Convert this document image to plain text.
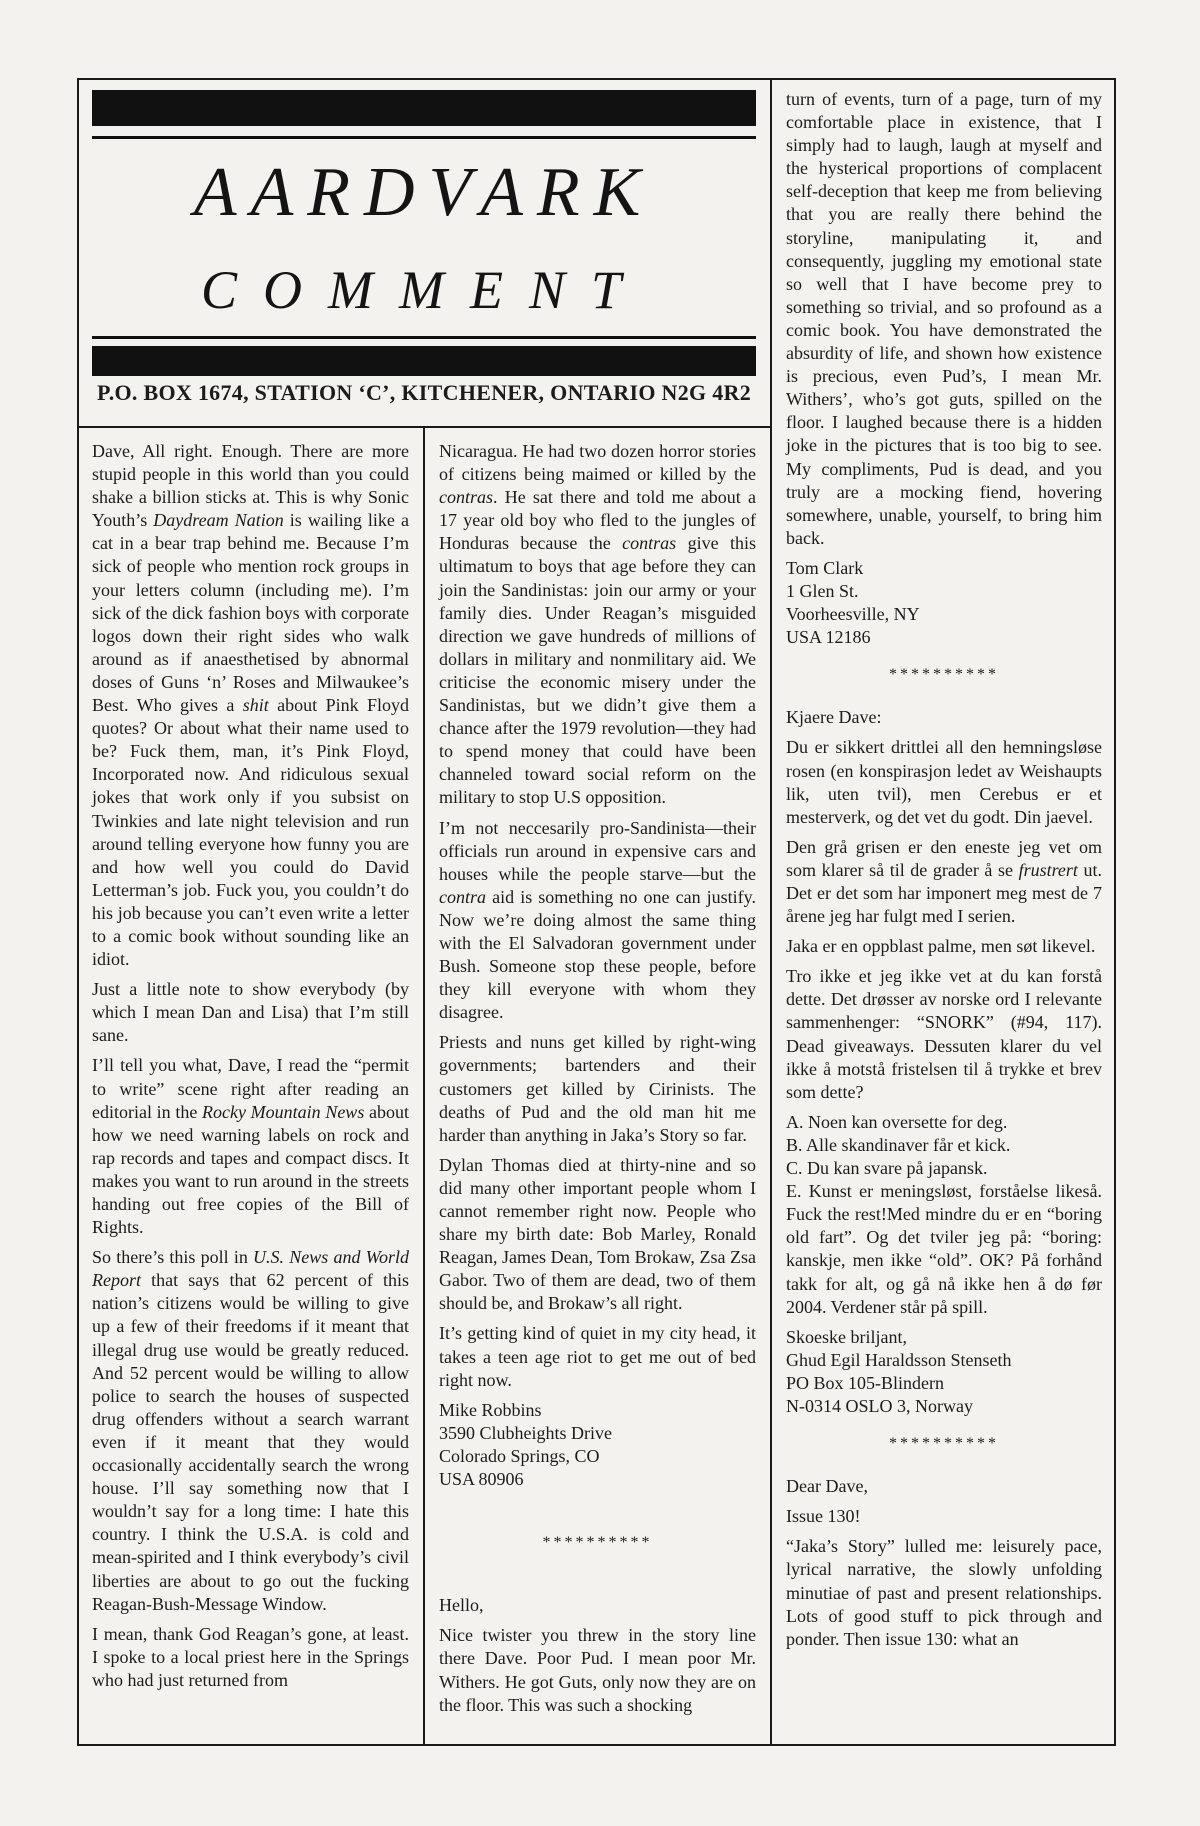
AARDVARK
COMMENT
P.O. BOX 1674, STATION ‘C’, KITCHENER, ONTARIO N2G 4R2

Dave, All right. Enough. There are more stupid people in this world than you could shake a billion sticks at. This is why Sonic Youth’s Daydream Nation is wailing like a cat in a bear trap behind me. Because I’m sick of people who mention rock groups in your letters column (including me). I’m sick of the dick fashion boys with corporate logos down their right sides who walk around as if anaesthetised by abnormal doses of Guns ‘n’ Roses and Milwaukee’s Best. Who gives a shit about Pink Floyd quotes? Or about what their name used to be? Fuck them, man, it’s Pink Floyd, Incorporated now. And ridiculous sexual jokes that work only if you subsist on Twinkies and late night television and run around telling everyone how funny you are and how well you could do David Letterman’s job. Fuck you, you couldn’t do his job because you can’t even write a letter to a comic book without sounding like an idiot.

Just a little note to show everybody (by which I mean Dan and Lisa) that I’m still sane.

I’ll tell you what, Dave, I read the “permit to write” scene right after reading an editorial in the Rocky Mountain News about how we need warning labels on rock and rap records and tapes and compact discs. It makes you want to run around in the streets handing out free copies of the Bill of Rights.

So there’s this poll in U.S. News and World Report that says that 62 percent of this nation’s citizens would be willing to give up a few of their freedoms if it meant that illegal drug use would be greatly reduced. And 52 percent would be willing to allow police to search the houses of suspected drug offenders without a search warrant even if it meant that they would occasionally accidentally search the wrong house. I’ll say something now that I wouldn’t say for a long time: I hate this country. I think the U.S.A. is cold and mean-spirited and I think everybody’s civil liberties are about to go out the fucking Reagan-Bush-Message Window.

I mean, thank God Reagan’s gone, at least. I spoke to a local priest here in the Springs who had just returned from

Nicaragua. He had two dozen horror stories of citizens being maimed or killed by the contras. He sat there and told me about a 17 year old boy who fled to the jungles of Honduras because the contras give this ultimatum to boys that age before they can join the Sandinistas: join our army or your family dies. Under Reagan’s misguided direction we gave hundreds of millions of dollars in military and nonmilitary aid. We criticise the economic misery under the Sandinistas, but we didn’t give them a chance after the 1979 revolution—they had to spend money that could have been channeled toward social reform on the military to stop U.S opposition.

I’m not neccesarily pro-Sandinista—their officials run around in expensive cars and houses while the people starve—but the contra aid is something no one can justify. Now we’re doing almost the same thing with the El Salvadoran government under Bush. Someone stop these people, before they kill everyone with whom they disagree.

Priests and nuns get killed by right-wing governments; bartenders and their customers get killed by Cirinists. The deaths of Pud and the old man hit me harder than anything in Jaka’s Story so far.

Dylan Thomas died at thirty-nine and so did many other important people whom I cannot remember right now. People who share my birth date: Bob Marley, Ronald Reagan, James Dean, Tom Brokaw, Zsa Zsa Gabor. Two of them are dead, two of them should be, and Brokaw’s all right.

It’s getting kind of quiet in my city head, it takes a teen age riot to get me out of bed right now.

Mike Robbins
3590 Clubheights Drive
Colorado Springs, CO
USA 80906

**********

Hello,

Nice twister you threw in the story line there Dave. Poor Pud. I mean poor Mr. Withers. He got Guts, only now they are on the floor. This was such a shocking

turn of events, turn of a page, turn of my comfortable place in existence, that I simply had to laugh, laugh at myself and the hysterical proportions of complacent self-deception that keep me from believing that you are really there behind the storyline, manipulating it, and consequently, juggling my emotional state so well that I have become prey to something so trivial, and so profound as a comic book. You have demonstrated the absurdity of life, and shown how existence is precious, even Pud’s, I mean Mr. Withers’, who’s got guts, spilled on the floor. I laughed because there is a hidden joke in the pictures that is too big to see. My compliments, Pud is dead, and you truly are a mocking fiend, hovering somewhere, unable, yourself, to bring him back.

Tom Clark
1 Glen St.
Voorheesville, NY
USA 12186

**********

Kjaere Dave:

Du er sikkert drittlei all den hemningsløse rosen (en konspirasjon ledet av Weishaupts lik, uten tvil), men Cerebus er et mesterverk, og det vet du godt. Din jaevel.

Den grå grisen er den eneste jeg vet om som klarer så til de grader å se frustrert ut. Det er det som har imponert meg mest de 7 årene jeg har fulgt med I serien.

Jaka er en oppblast palme, men søt likevel.

Tro ikke et jeg ikke vet at du kan forstå dette. Det drøsser av norske ord I relevante sammenhenger: “SNORK” (#94, 117). Dead giveaways. Dessuten klarer du vel ikke å motstå fristelsen til å trykke et brev som dette?

A. Noen kan oversette for deg.
B. Alle skandinaver får et kick.
C. Du kan svare på japansk.

E. Kunst er meningsløst, forståelse likeså. Fuck the rest!Med mindre du er en “boring old fart”. Og det tviler jeg på: “boring: kanskje, men ikke “old”. OK? På forhånd takk for alt, og gå nå ikke hen å dø før 2004. Verdener står på spill.

Skoeske briljant,
Ghud Egil Haraldsson Stenseth
PO Box 105-Blindern
N-0314 OSLO 3, Norway

**********

Dear Dave,

Issue 130!

“Jaka’s Story” lulled me: leisurely pace, lyrical narrative, the slowly unfolding minutiae of past and present relationships. Lots of good stuff to pick through and ponder. Then issue 130: what an
